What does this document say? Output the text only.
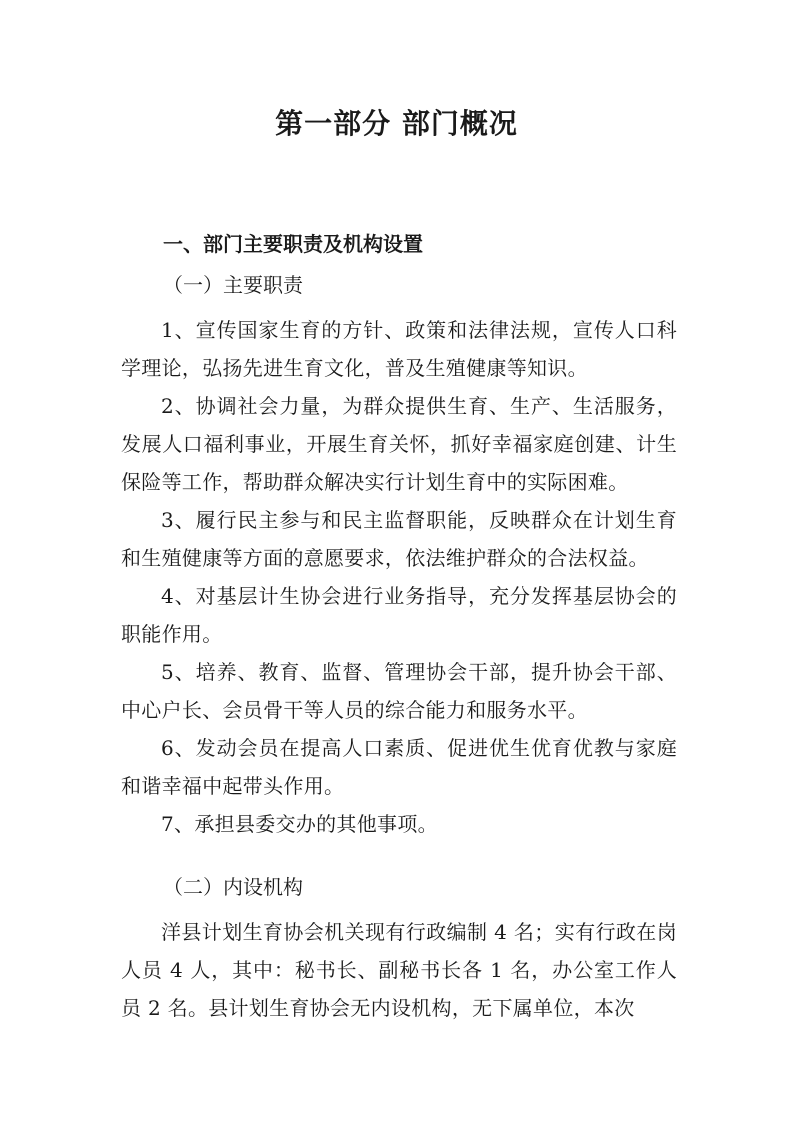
第一部分 部门概况
一、部门主要职责及机构设置
（一）主要职责

1、宣传国家生育的方针、政策和法律法规，宣传人口科学理论，弘扬先进生育文化，普及生殖健康等知识。

2、协调社会力量，为群众提供生育、生产、生活服务，发展人口福利事业，开展生育关怀，抓好幸福家庭创建、计生保险等工作，帮助群众解决实行计划生育中的实际困难。

3、履行民主参与和民主监督职能，反映群众在计划生育和生殖健康等方面的意愿要求，依法维护群众的合法权益。

4、对基层计生协会进行业务指导，充分发挥基层协会的职能作用。

5、培养、教育、监督、管理协会干部，提升协会干部、中心户长、会员骨干等人员的综合能力和服务水平。

6、发动会员在提高人口素质、促进优生优育优教与家庭和谐幸福中起带头作用。

7、承担县委交办的其他事项。

（二）内设机构

洋县计划生育协会机关现有行政编制 4 名；实有行政在岗人员 4 人，其中：秘书长、副秘书长各 1 名，办公室工作人员 2 名。县计划生育协会无内设机构，无下属单位，本次
